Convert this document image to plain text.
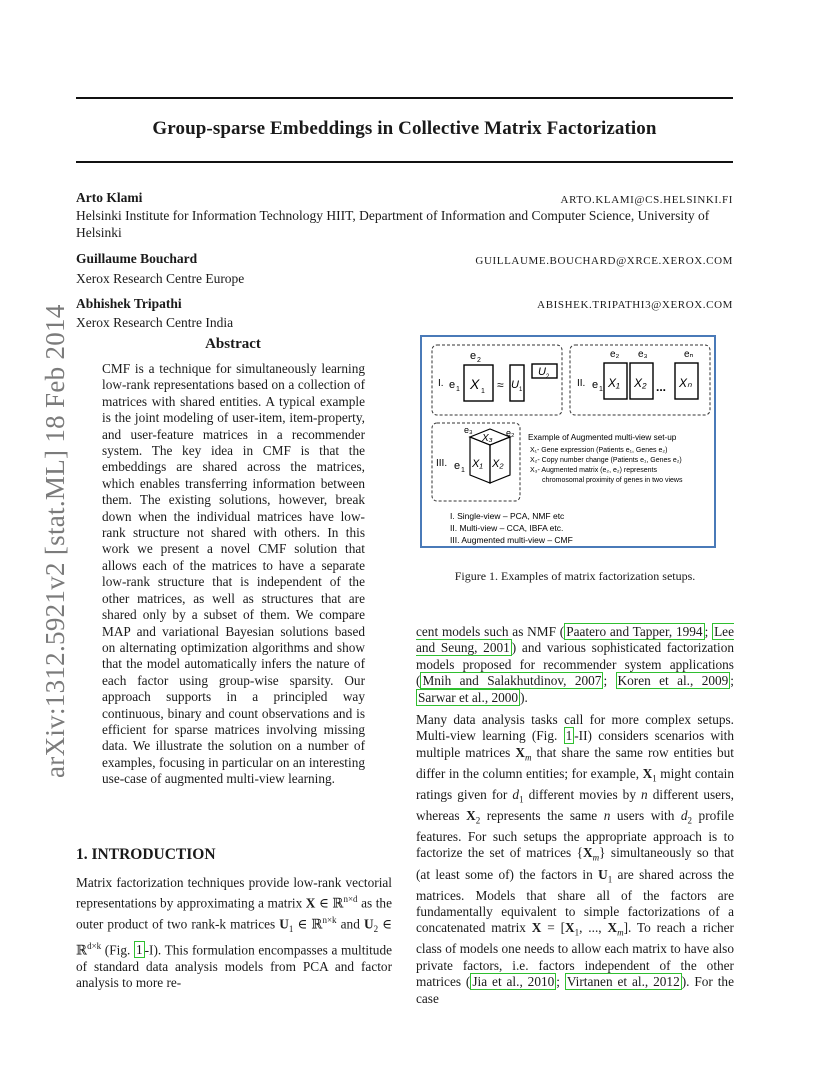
arXiv:1312.5921v2 [stat.ML] 18 Feb 2014
Group-sparse Embeddings in Collective Matrix Factorization
Arto Klami	ARTO.KLAMI@CS.HELSINKI.FI
Helsinki Institute for Information Technology HIIT, Department of Information and Computer Science, University of Helsinki
Guillaume Bouchard	GUILLAUME.BOUCHARD@XRCE.XEROX.COM
Xerox Research Centre Europe
Abhishek Tripathi	ABISHEK.TRIPATHI3@XEROX.COM
Xerox Research Centre India
Abstract
CMF is a technique for simultaneously learning low-rank representations based on a collection of matrices with shared entities. A typical example is the joint modeling of user-item, item-property, and user-feature matrices in a recommender system. The key idea in CMF is that the embeddings are shared across the matrices, which enables transferring information between them. The existing solutions, however, break down when the individual matrices have low-rank structure not shared with others. In this work we present a novel CMF solution that allows each of the matrices to have a separate low-rank structure that is independent of the other matrices, as well as structures that are shared only by a subset of them. We compare MAP and variational Bayesian solutions based on alternating optimization algorithms and show that the model automatically infers the nature of each factor using group-wise sparsity. Our approach supports in a principled way continuous, binary and count observations and is efficient for sparse matrices involving missing data. We illustrate the solution on a number of examples, focusing in particular on an interesting use-case of augmented multi-view learning.
1. INTRODUCTION
Matrix factorization techniques provide low-rank vectorial representations by approximating a matrix X ∈ ℝ$^{n\times d}$ as the outer product of two rank-k matrices $U_1$ ∈ ℝ$^{n\times k}$ and $U_2$ ∈ ℝ$^{d\times k}$ (Fig. 1 -I). This formulation encompasses a multitude of standard data analysis models from PCA and factor analysis to more re-
I. e 1
e 2
X 1 ≈ U 1
U 2
II. e 1
e₂ e₃	eₙ
X₁ X₂ ... Xₙ
III. e 1
e₃	e₂
X₃
X₁ X₂
Example of Augmented multi-view set-up
X₁- Gene expression (Patients e₁, Genes e₂)
X₂- Copy number change (Patients e₁, Genes e₂)
X₃- Augmented matrix (e₂, e₂) represents
chromosomal proximity of genes in two views
I. Single-view – PCA, NMF etc
II. Multi-view – CCA, IBFA etc.
III. Augmented multi-view – CMF
Figure 1. Examples of matrix factorization setups.
cent models such as NMF ( Paatero and Tapper, 1994 ; Lee and Seung, 2001 ) and various sophisticated factorization models proposed for recommender system applications ( Mnih and Salakhutdinov, 2007 ; Koren et al., 2009 ; Sarwar et al., 2000 ).
Many data analysis tasks call for more complex setups. Multi-view learning (Fig. 1 -II) considers scenarios with multiple matrices $X_m$ that share the same row entities but differ in the column entities; for example, $X_1$ might contain ratings given for $d_1$ different movies by n different users, whereas $X_2$ represents the same n users with $d_2$ profile features. For such setups the appropriate approach is to factorize the set of matrices $\{X_m\}$ simultaneously so that (at least some of) the factors in $U_1$ are shared across the matrices. Models that share all of the factors are fundamentally equivalent to simple factorizations of a concatenated matrix $X = [X_1$, ..., $X_m$]. To reach a richer class of models one needs to allow each matrix to have also private factors, i.e. factors independent of the other matrices ( Jia et al., 2010 ; Virtanen et al., 2012 ). For the case
